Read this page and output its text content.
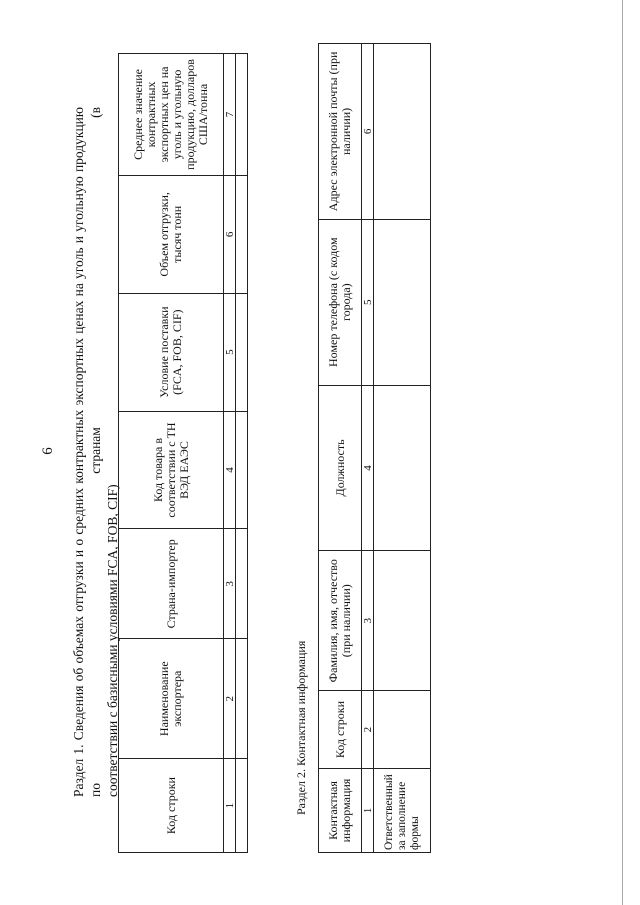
6 Раздел 1. Сведения об объемах отгрузки и о средних контрактных экспортных ценах на уголь и угольную продукцию по странам (в соответствии с базисными условиями FCA, FOB, CIF)
Код строки	Наименование экспортера	Страна-импортер	Код товара в соответствии с ТН ВЭД ЕАЭС	Условие поставки (FCA, FOB, CIF)	Объем отгрузки, тысяч тонн	Среднее значение контрактных экспортных цен на уголь и угольную продукцию, долларов США/тонна
1	2	3	4	5	6	7

Раздел 2. Контактная информация Контактная информация	Код строки	Фамилия, имя, отчество (при наличии)	Должность	Номер телефона (с кодом города)	Адрес электронной почты (при наличии)
1	2	3	4	5	6
Ответственный за заполнение формы					
